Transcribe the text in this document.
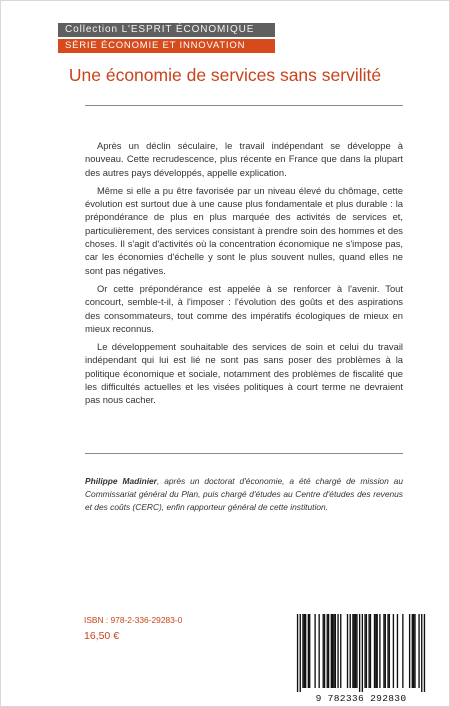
Collection L'ESPRIT ÉCONOMIQUE
SÉRIE ÉCONOMIE ET INNOVATION
Une économie de services sans servilité

Après un déclin séculaire, le travail indépendant se développe à nouveau. Cette recrudescence, plus récente en France que dans la plupart des autres pays développés, appelle explication.

Même si elle a pu être favorisée par un niveau élevé du chômage, cette évolution est surtout due à une cause plus fondamentale et plus durable : la prépondérance de plus en plus marquée des activités de services et, particulièrement, des services consistant à prendre soin des hommes et des choses. Il s'agit d'activités où la concentration économique ne s'impose pas, car les économies d'échelle y sont le plus souvent nulles, quand elles ne sont pas négatives.

Or cette prépondérance est appelée à se renforcer à l'avenir. Tout concourt, semble-t-il, à l'imposer : l'évolution des goûts et des aspirations des consommateurs, tout comme des impératifs écologiques de mieux en mieux reconnus.

Le développement souhaitable des services de soin et celui du travail indépendant qui lui est lié ne sont pas sans poser des problèmes à la politique économique et sociale, notamment des problèmes de fiscalité que les difficultés actuelles et les visées politiques à court terme ne devraient pas nous cacher.

Philippe Madinier, après un doctorat d'économie, a été chargé de mission au Commissariat général du Plan, puis chargé d'études au Centre d'études des revenus et des coûts (CERC), enfin rapporteur général de cette institution.
ISBN : 978-2-336-29283-0
16,50 €
9 782336 292830
